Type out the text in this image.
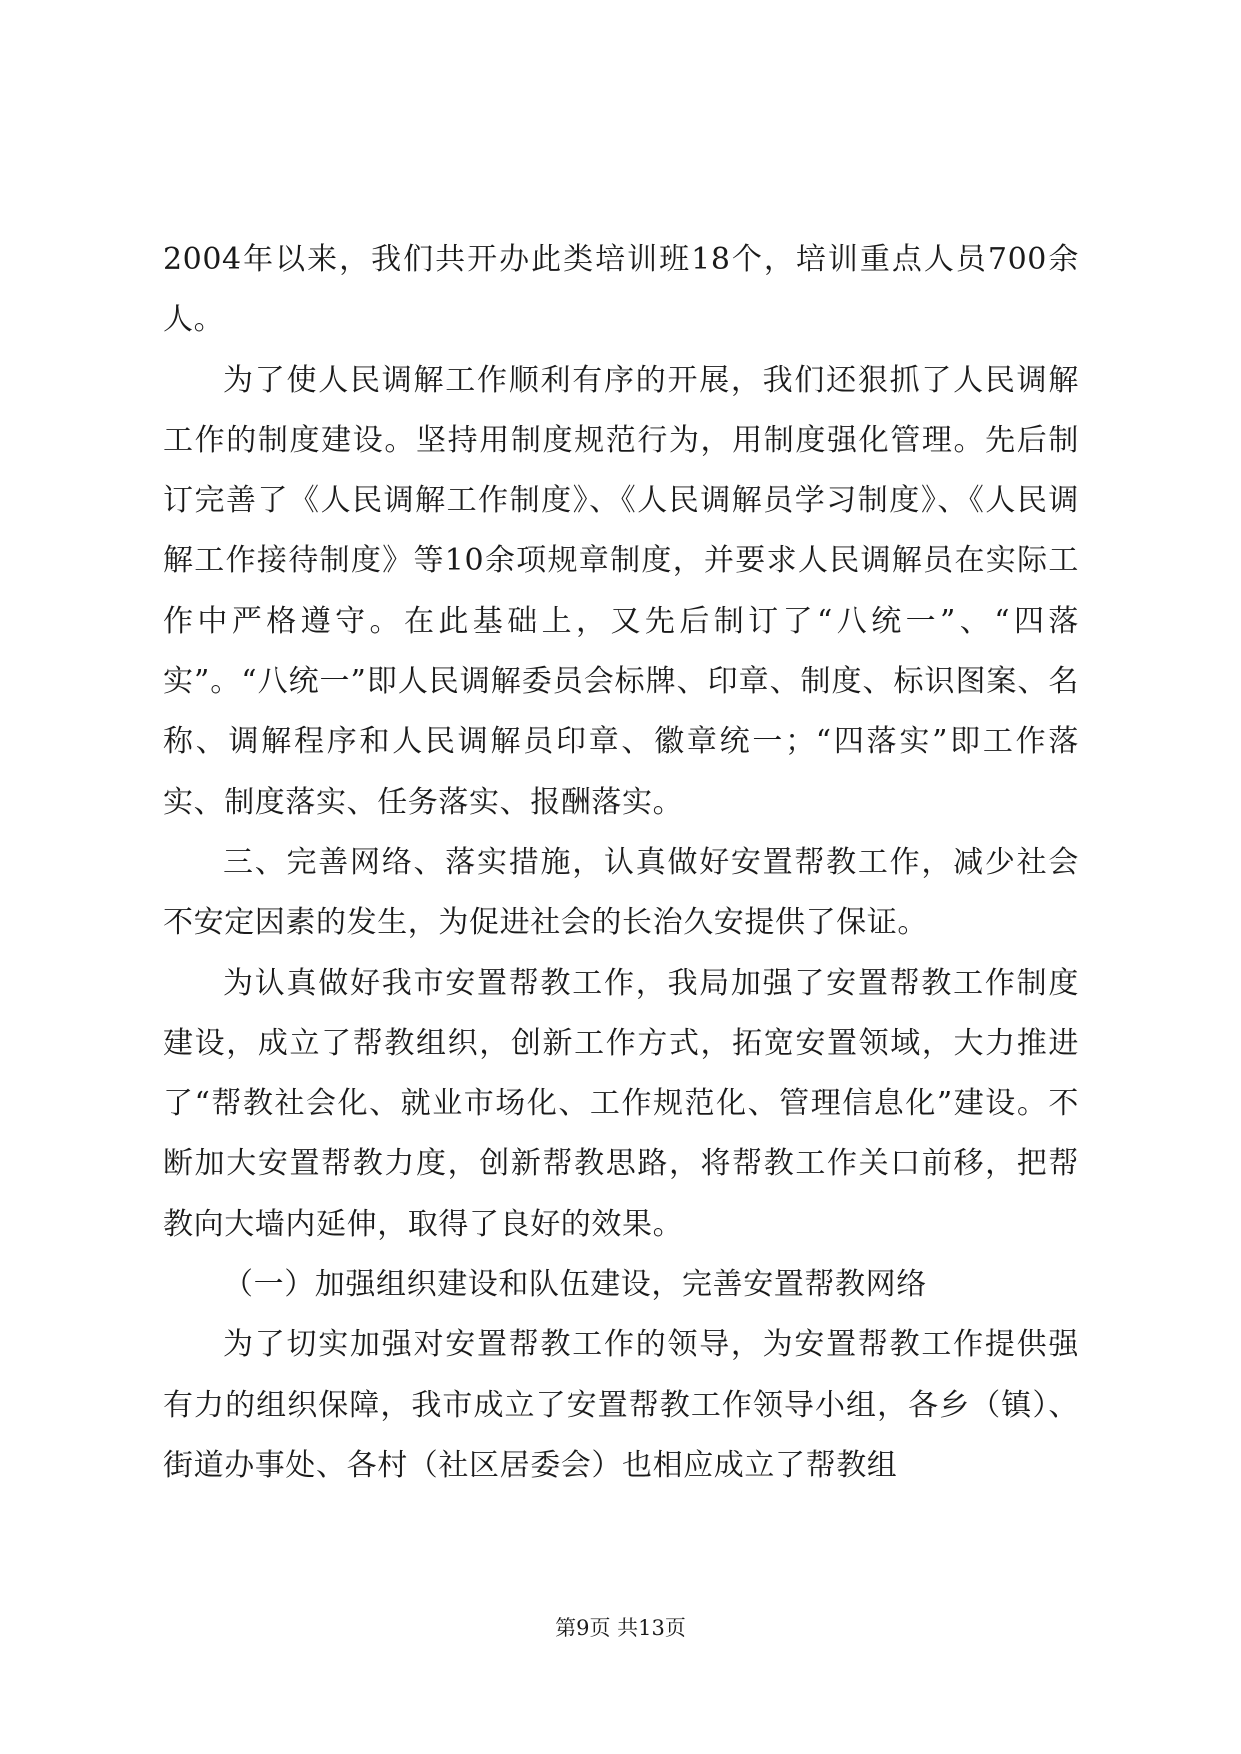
2004年以来，我们共开办此类培训班18个，培训重点人员700余人。

为了使人民调解工作顺利有序的开展，我们还狠抓了人民调解工作的制度建设。坚持用制度规范行为，用制度强化管理。先后制订完善了《人民调解工作制度》、《人民调解员学习制度》、《人民调解工作接待制度》等10余项规章制度，并要求人民调解员在实际工作中严格遵守。在此基础上，又先后制订了“八统一”、“四落实”。“八统一”即人民调解委员会标牌、印章、制度、标识图案、名称、调解程序和人民调解员印章、徽章统一；“四落实”即工作落实、制度落实、任务落实、报酬落实。

三、完善网络、落实措施，认真做好安置帮教工作，减少社会不安定因素的发生，为促进社会的长治久安提供了保证。

为认真做好我市安置帮教工作，我局加强了安置帮教工作制度建设，成立了帮教组织，创新工作方式，拓宽安置领域，大力推进了“帮教社会化、就业市场化、工作规范化、管理信息化”建设。不断加大安置帮教力度，创新帮教思路，将帮教工作关口前移，把帮教向大墙内延伸，取得了良好的效果。

（一）加强组织建设和队伍建设，完善安置帮教网络

为了切实加强对安置帮教工作的领导，为安置帮教工作提供强有力的组织保障，我市成立了安置帮教工作领导小组，各乡（镇）、街道办事处、各村（社区居委会）也相应成立了帮教组

第9页 共13页
